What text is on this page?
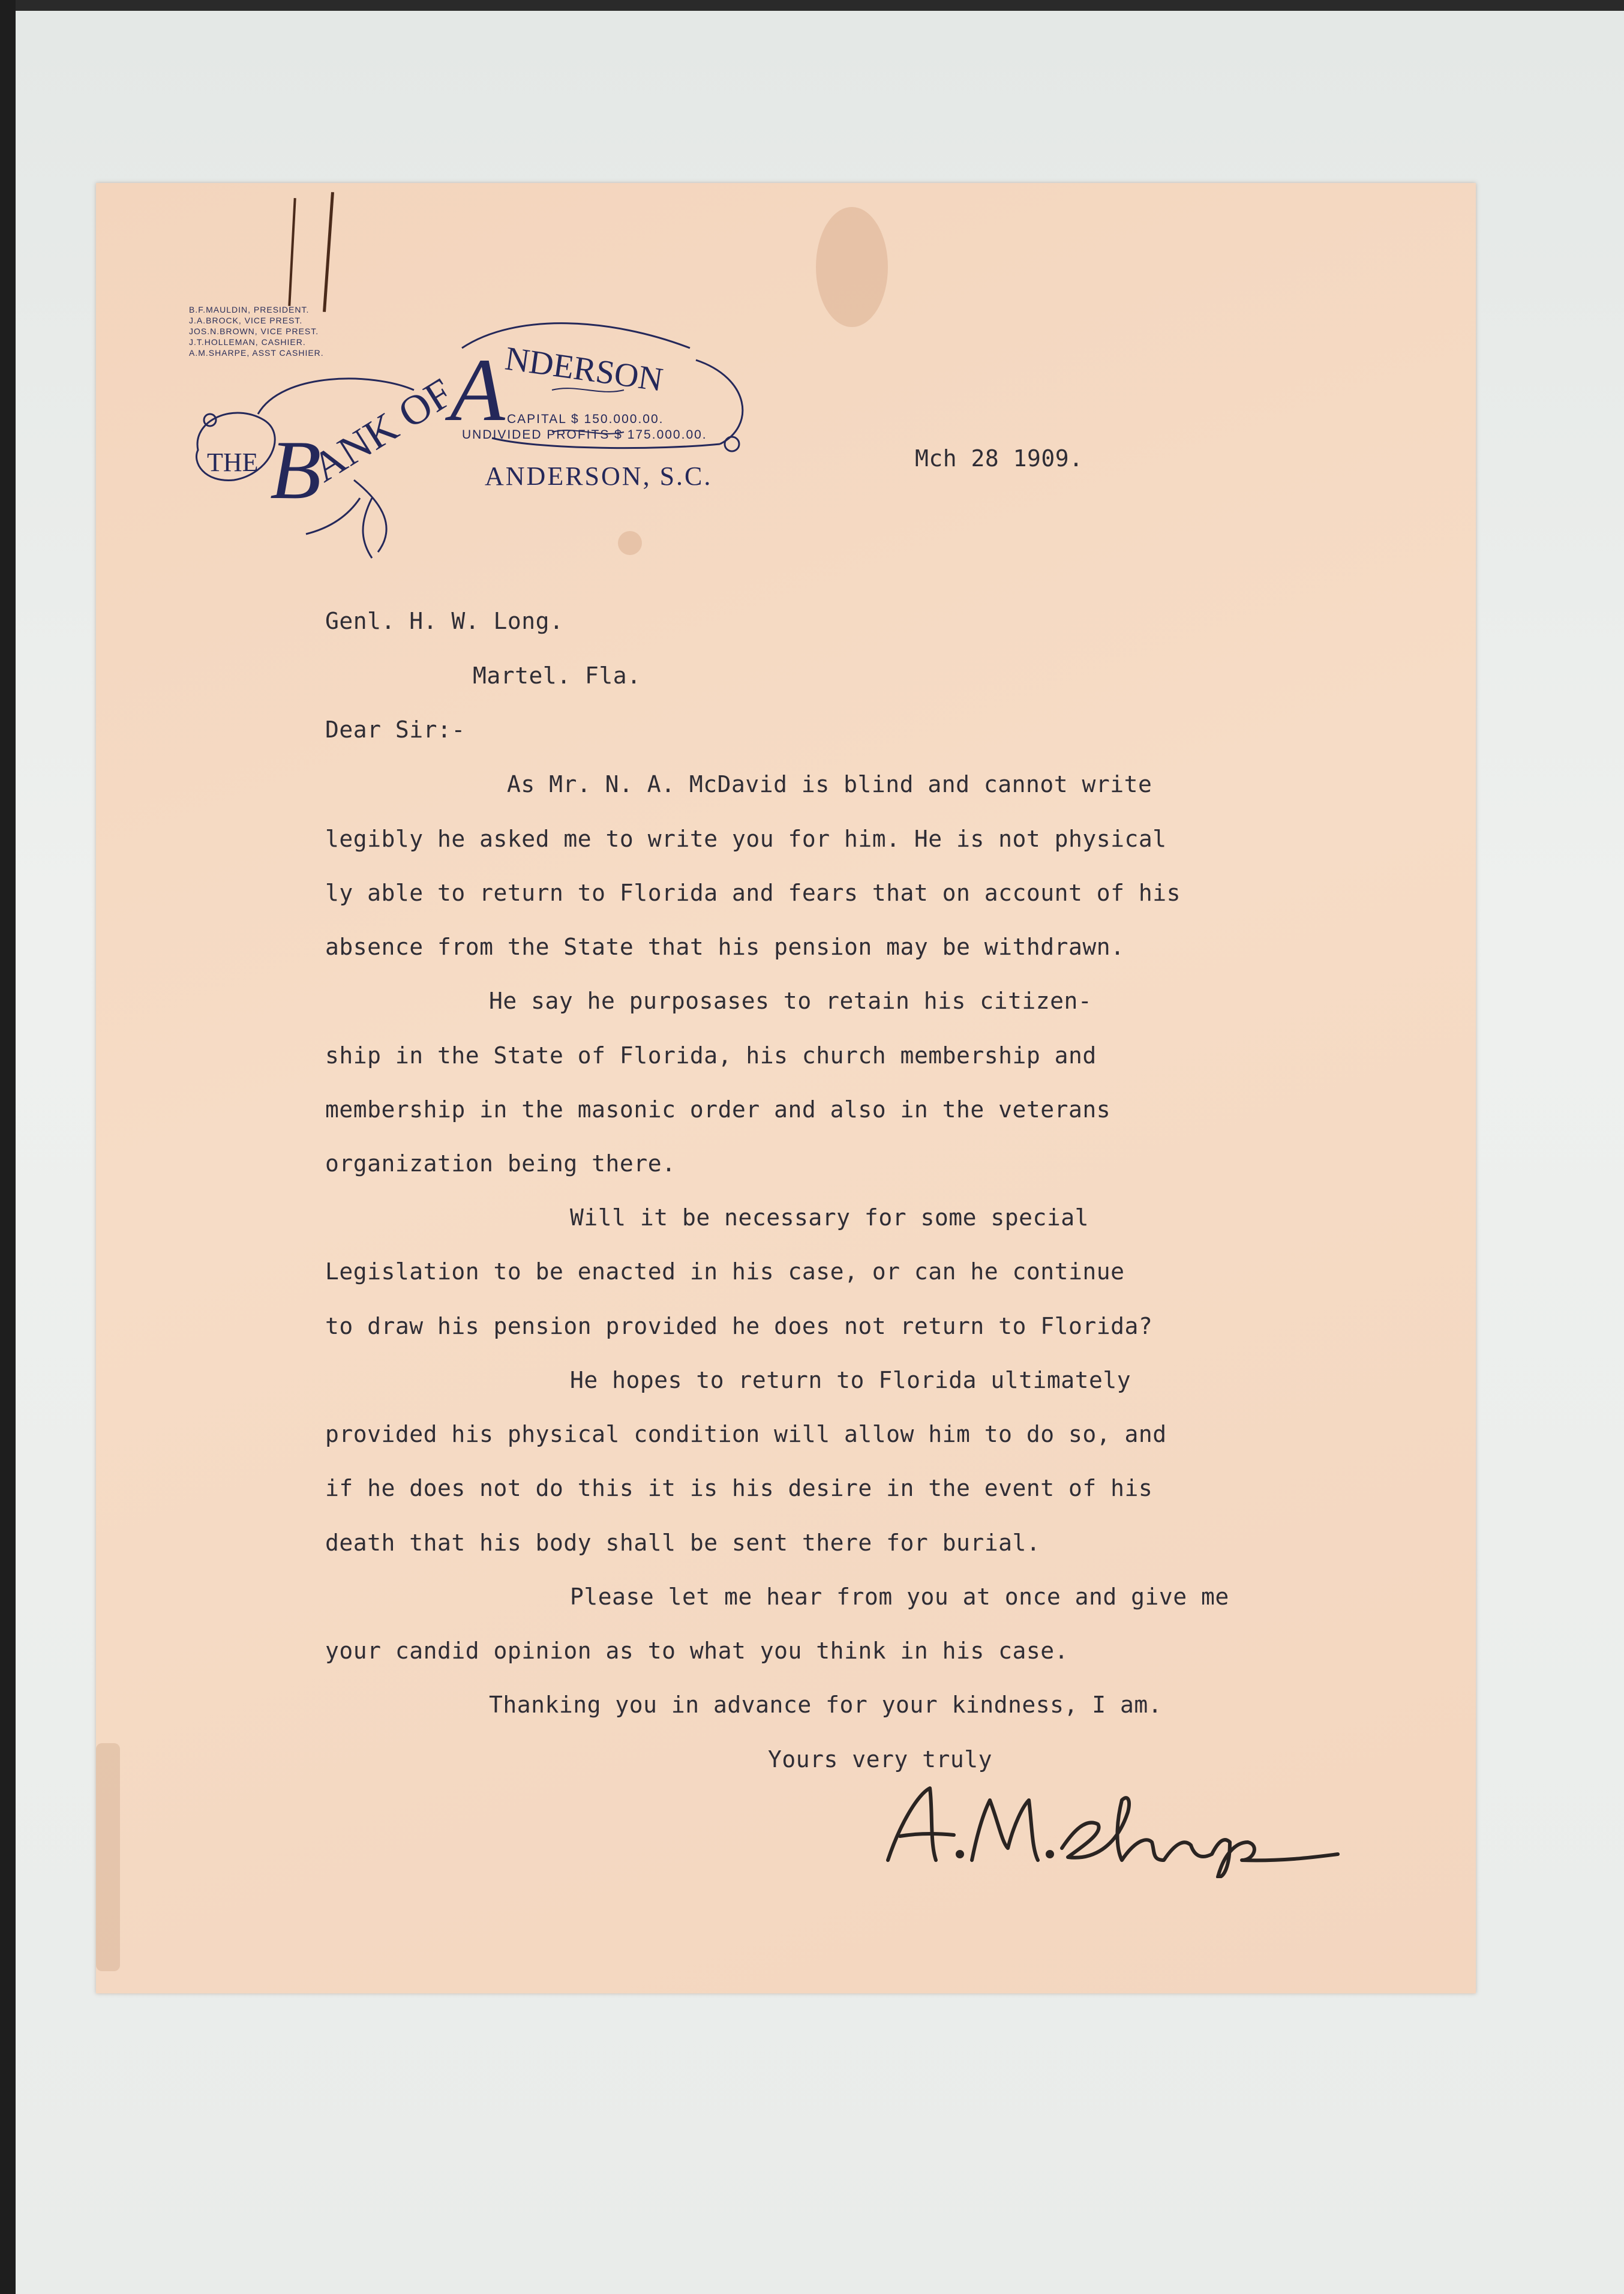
B.F.MAULDIN, PRESIDENT.
J.A.BROCK, VICE PREST.
JOS.N.BROWN, VICE PREST.
J.T.HOLLEMAN, CASHIER.
A.M.SHARPE, ASST CASHIER.
THE B
ANK OF
A
NDERSON
CAPITAL $ 150.000.00.
UNDIVIDED PROFITS $ 175.000.00.
ANDERSON, S.C.
Mch 28 1909.
Genl. H. W. Long.
Martel. Fla.
Dear Sir:-
As Mr. N. A. McDavid is blind and cannot write
legibly he asked me to write you for him. He is not physical
ly able to return to Florida and fears that on account of his
absence from the State that his pension may be withdrawn.
He say he purposases to retain his citizen-
ship in the State of Florida, his church membership and
membership in the masonic order and also in the veterans
organization being there.
Will it be necessary for some special
Legislation to be enacted in his case, or can he continue
to draw his pension provided he does not return to Florida?
He hopes to return to Florida ultimately
provided his physical condition will allow him to do so, and
if he does not do this it is his desire in the event of his
death that his body shall be sent there for burial.
Please let me hear from you at once and give me
your candid opinion as to what you think in his case.
Thanking you in advance for your kindness, I am.
Yours very truly
